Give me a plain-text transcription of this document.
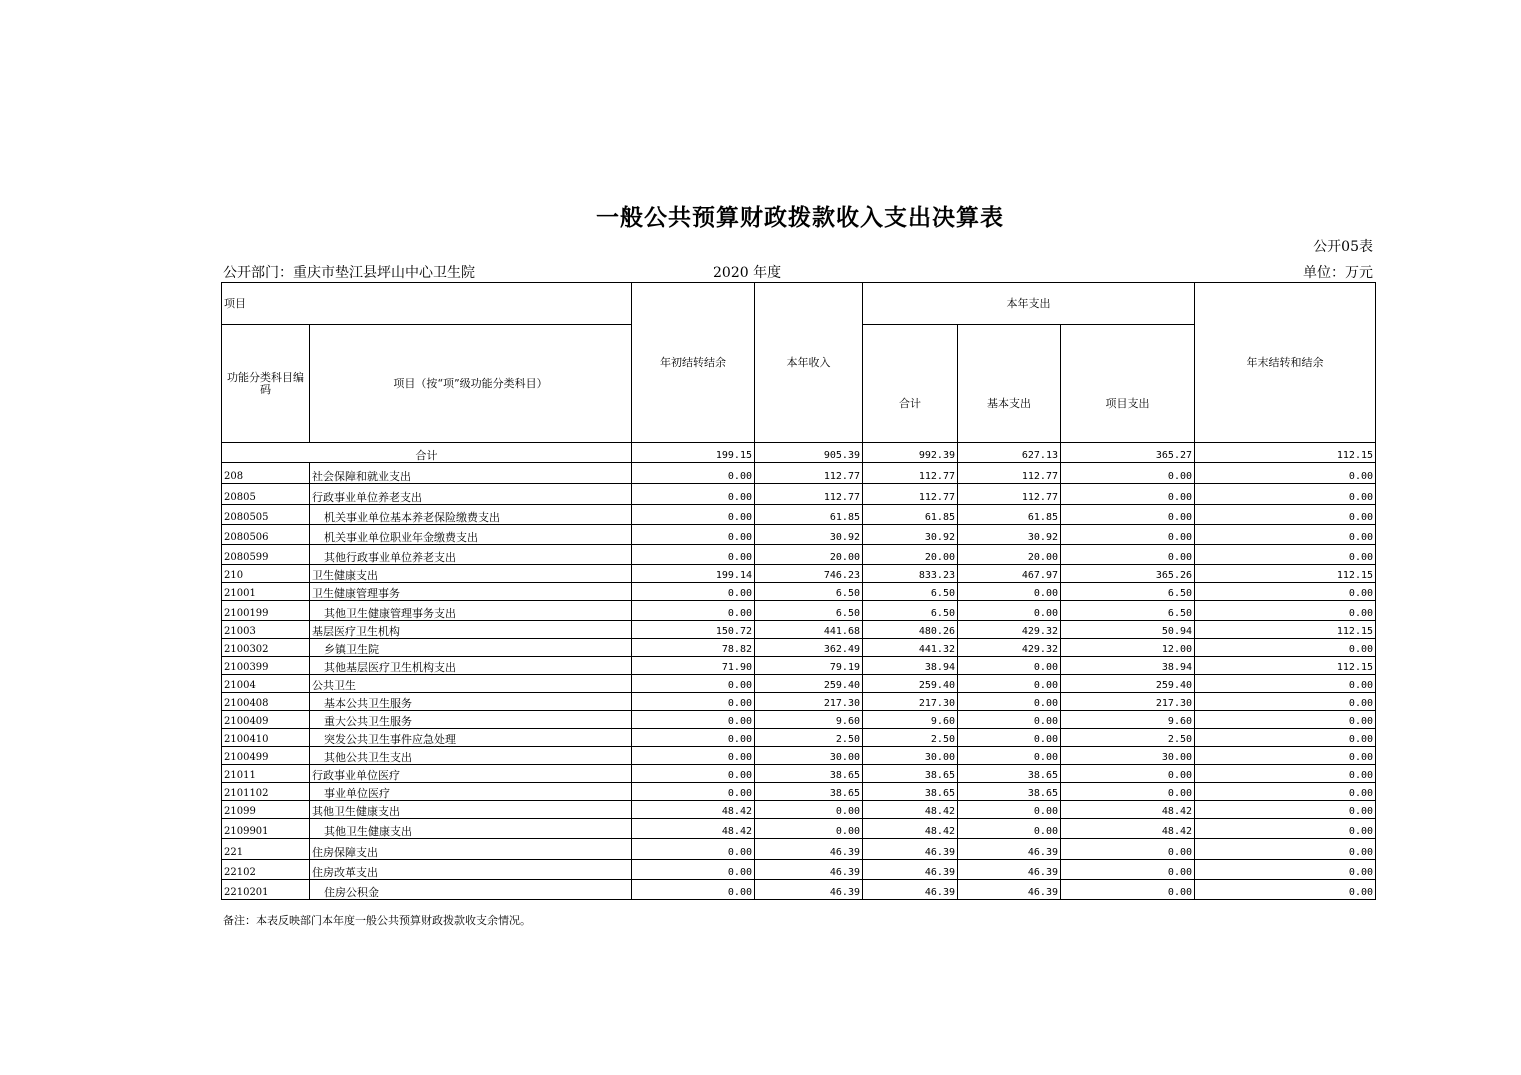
一般公共预算财政拨款收入支出决算表
公开05表
公开部门：重庆市垫江县坪山中心卫生院	2020 年度	单位：万元
项目		年初结转结余	本年收入	本年支出			年末结转和结余
功能分类科目编码	项目（按“项”级功能分类科目）			合计	基本支出	项目支出	
合计		199.15	905.39	992.39	627.13	365.27	112.15
208	社会保障和就业支出	0.00	112.77	112.77	112.77	0.00	0.00
20805	行政事业单位养老支出	0.00	112.77	112.77	112.77	0.00	0.00
2080505	机关事业单位基本养老保险缴费支出	0.00	61.85	61.85	61.85	0.00	0.00
2080506	机关事业单位职业年金缴费支出	0.00	30.92	30.92	30.92	0.00	0.00
2080599	其他行政事业单位养老支出	0.00	20.00	20.00	20.00	0.00	0.00
210	卫生健康支出	199.14	746.23	833.23	467.97	365.26	112.15
21001	卫生健康管理事务	0.00	6.50	6.50	0.00	6.50	0.00
2100199	其他卫生健康管理事务支出	0.00	6.50	6.50	0.00	6.50	0.00
21003	基层医疗卫生机构	150.72	441.68	480.26	429.32	50.94	112.15
2100302	乡镇卫生院	78.82	362.49	441.32	429.32	12.00	0.00
2100399	其他基层医疗卫生机构支出	71.90	79.19	38.94	0.00	38.94	112.15
21004	公共卫生	0.00	259.40	259.40	0.00	259.40	0.00
2100408	基本公共卫生服务	0.00	217.30	217.30	0.00	217.30	0.00
2100409	重大公共卫生服务	0.00	9.60	9.60	0.00	9.60	0.00
2100410	突发公共卫生事件应急处理	0.00	2.50	2.50	0.00	2.50	0.00
2100499	其他公共卫生支出	0.00	30.00	30.00	0.00	30.00	0.00
21011	行政事业单位医疗	0.00	38.65	38.65	38.65	0.00	0.00
2101102	事业单位医疗	0.00	38.65	38.65	38.65	0.00	0.00
21099	其他卫生健康支出	48.42	0.00	48.42	0.00	48.42	0.00
2109901	其他卫生健康支出	48.42	0.00	48.42	0.00	48.42	0.00
221	住房保障支出	0.00	46.39	46.39	46.39	0.00	0.00
22102	住房改革支出	0.00	46.39	46.39	46.39	0.00	0.00
2210201	住房公积金	0.00	46.39	46.39	46.39	0.00	0.00
备注：本表反映部门本年度一般公共预算财政拨款收支余情况。
